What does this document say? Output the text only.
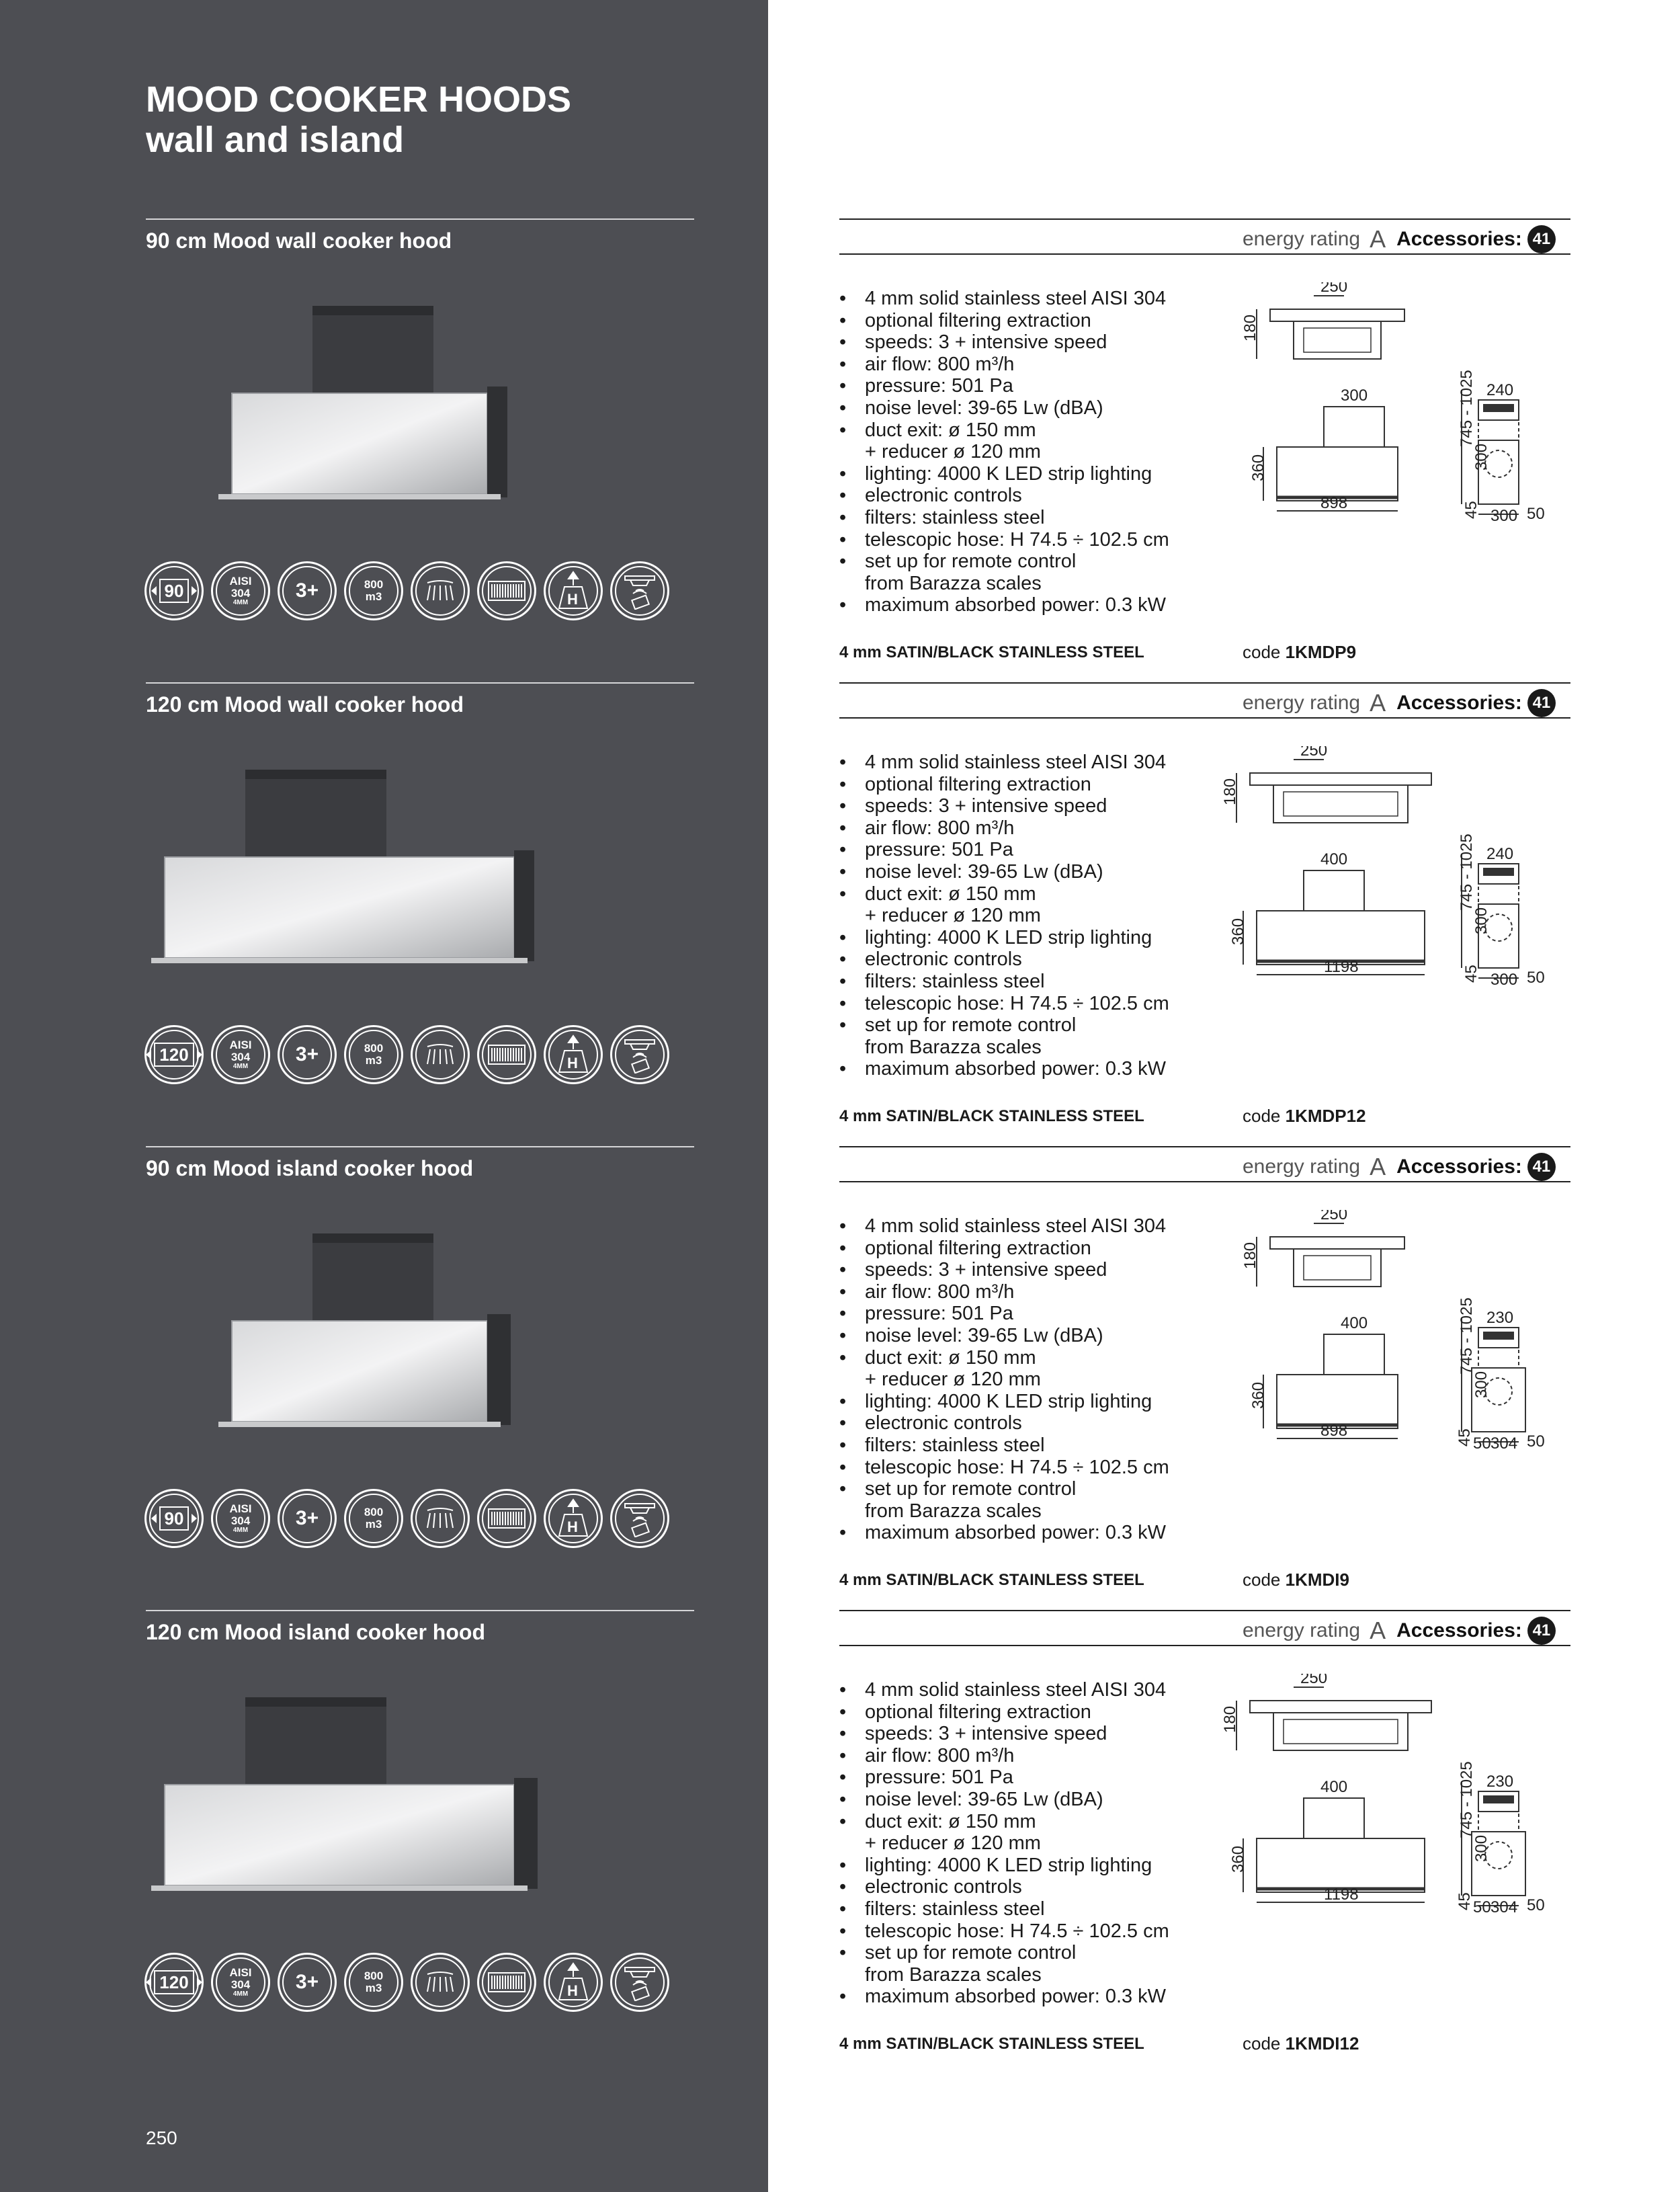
MOOD COOKER HOODS
wall and island
250
90 cm Mood wall cooker hood
90	AISI
304
4MM
3+	800
m3	H
energy rating A Accessories: 41
• 4 mm solid stainless steel AISI 304
• optional filtering extraction
• speeds: 3 + intensive speed
• air flow: 800 m³/h
• pressure: 501 Pa
• noise level: 39-65 Lw (dBA)
• duct exit: ø 150 mm
+ reducer ø 120 mm
• lighting: 4000 K LED strip lighting
• electronic controls
• filters: stainless steel
• telescopic hose: H 74.5 ÷ 102.5 cm
• set up for remote control
from Barazza scales
• maximum absorbed power: 0.3 kW
250
180
300
898
360
240
745 - 1025
300
45 300 50
4 mm SATIN/BLACK STAINLESS STEEL	code 1KMDP9
120 cm Mood wall cooker hood
120	AISI
304
4MM
3+	800
m3	H
energy rating A Accessories: 41
• 4 mm solid stainless steel AISI 304
• optional filtering extraction
• speeds: 3 + intensive speed
• air flow: 800 m³/h
• pressure: 501 Pa
• noise level: 39-65 Lw (dBA)
• duct exit: ø 150 mm
+ reducer ø 120 mm
• lighting: 4000 K LED strip lighting
• electronic controls
• filters: stainless steel
• telescopic hose: H 74.5 ÷ 102.5 cm
• set up for remote control
from Barazza scales
• maximum absorbed power: 0.3 kW
250
180
400
1198
360
240
745 - 1025
300
45 300 50
4 mm SATIN/BLACK STAINLESS STEEL	code 1KMDP12
90 cm Mood island cooker hood
90	AISI
304
4MM
3+	800
m3	H
energy rating A Accessories: 41
• 4 mm solid stainless steel AISI 304
• optional filtering extraction
• speeds: 3 + intensive speed
• air flow: 800 m³/h
• pressure: 501 Pa
• noise level: 39-65 Lw (dBA)
• duct exit: ø 150 mm
+ reducer ø 120 mm
• lighting: 4000 K LED strip lighting
• electronic controls
• filters: stainless steel
• telescopic hose: H 74.5 ÷ 102.5 cm
• set up for remote control
from Barazza scales
• maximum absorbed power: 0.3 kW
250
180
400
898
360
230
745 - 1025
300
45 50 304 50
4 mm SATIN/BLACK STAINLESS STEEL	code 1KMDI9
120 cm Mood island cooker hood
120	AISI
304
4MM
3+	800
m3	H
energy rating A Accessories: 41
• 4 mm solid stainless steel AISI 304
• optional filtering extraction
• speeds: 3 + intensive speed
• air flow: 800 m³/h
• pressure: 501 Pa
• noise level: 39-65 Lw (dBA)
• duct exit: ø 150 mm
+ reducer ø 120 mm
• lighting: 4000 K LED strip lighting
• electronic controls
• filters: stainless steel
• telescopic hose: H 74.5 ÷ 102.5 cm
• set up for remote control
from Barazza scales
• maximum absorbed power: 0.3 kW
250
180
400
1198
360
230
745 - 1025
300
45 50 304 50
4 mm SATIN/BLACK STAINLESS STEEL	code 1KMDI12
